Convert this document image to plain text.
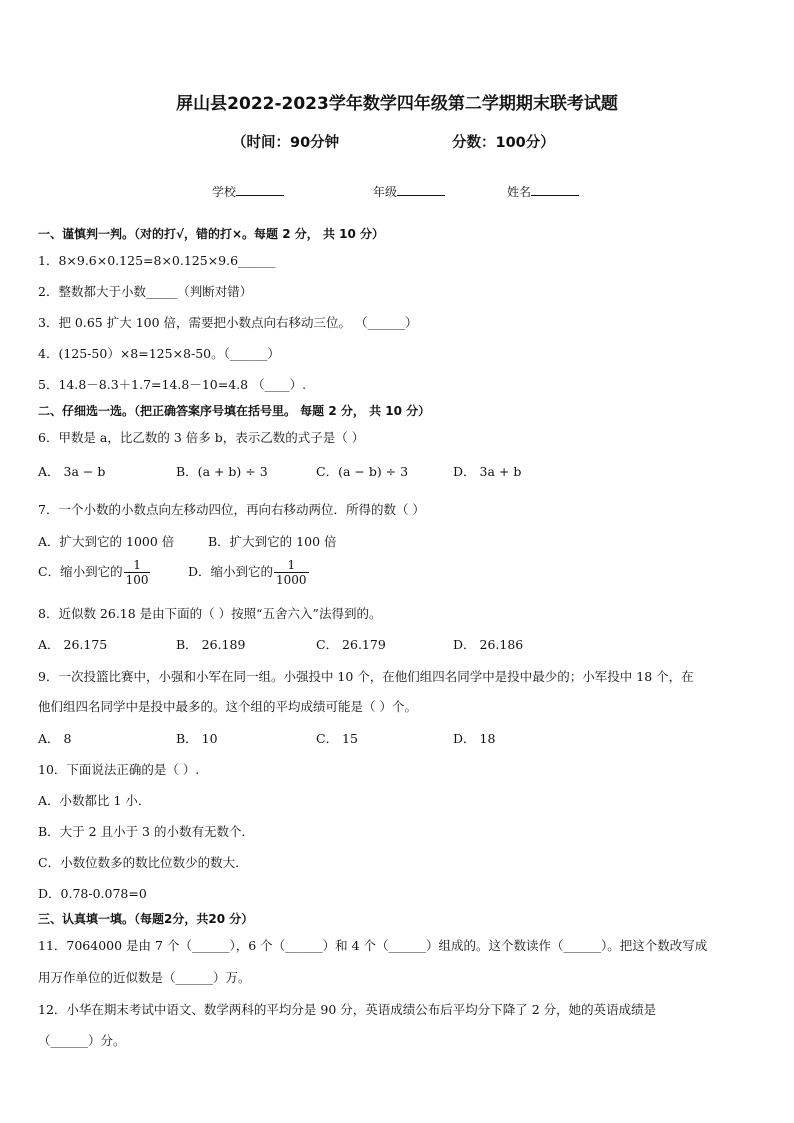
屏山县2022-2023学年数学四年级第二学期期末联考试题
（时间：90分钟	分数：100分）
学校	年级	姓名
一、谨慎判一判。（对的打√，错的打×。每题 2 分， 共 10 分）
1．8×9.6×0.125=8×0.125×9.6______
2．整数都大于小数_____（判断对错）
3．把 0.65 扩大 100 倍，需要把小数点向右移动三位。 （______）
4．(125-50）×8=125×8-50。（______）
5．14.8－8.3＋1.7=14.8－10=4.8 （____）.
二、仔细选一选。（把正确答案序号填在括号里。 每题 2 分， 共 10 分）
6．甲数是 a，比乙数的 3 倍多 b，表示乙数的式子是（ ）
A． 3a − b	B．(a + b) ÷ 3	C．(a − b) ÷ 3	D． 3a + b
7．一个小数的小数点向左移动四位，再向右移动两位．所得的数（ ）
A．扩大到它的 1000 倍	B．扩大到它的 100 倍
C．缩小到它的 $\frac{1}{100}$	D．缩小到它的 $\frac{1}{1000}$
8．近似数 26.18 是由下面的（ ）按照“五舍六入”法得到的。
A． 26.175	B． 26.189	C． 26.179	D． 26.186
9．一次投篮比赛中，小强和小军在同一组。小强投中 10 个，在他们组四名同学中是投中最少的；小军投中 18 个，在
他们组四名同学中是投中最多的。这个组的平均成绩可能是（ ）个。
A． 8	B． 10	C． 15	D． 18
10．下面说法正确的是（ ）.
A．小数都比 1 小．
B．大于 2 且小于 3 的小数有无数个．
C．小数位数多的数比位数少的数大．
D．0.78-0.078=0
三、认真填一填。（每题2分，共20 分）
11．7064000 是由 7 个（______），6 个（______）和 4 个（______）组成的。这个数读作（______）。把这个数改写成
用万作单位的近似数是（______）万。
12．小华在期末考试中语文、数学两科的平均分是 90 分，英语成绩公布后平均分下降了 2 分，她的英语成绩是
（______）分。
